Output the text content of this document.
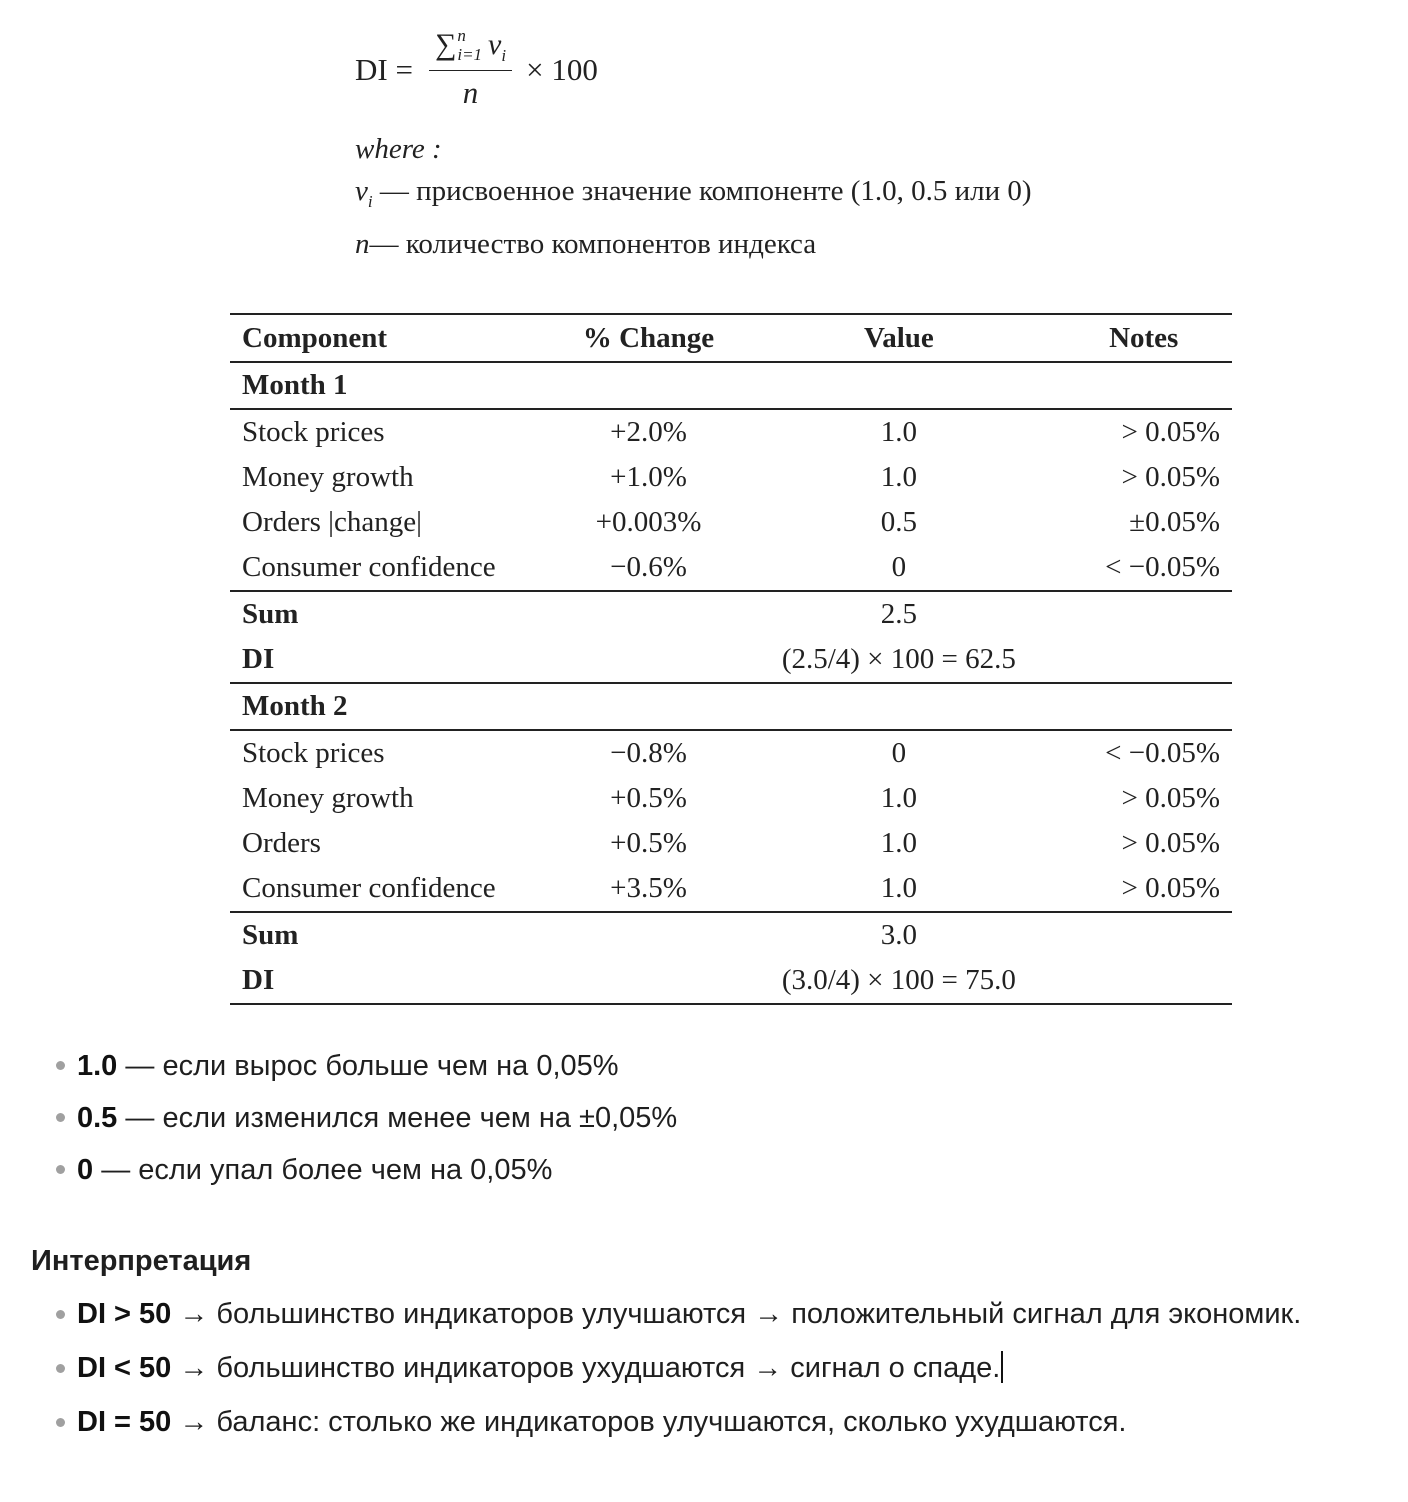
DI = ∑ n
i=1 $v_i$
n × 100
where :
$v_i$ — присвоенное значение компоненте (1.0, 0.5 или 0)
n— количество компонентов индекса
Component	% Change	Value	Notes
Month 1			
Stock prices	+2.0%	1.0	> 0.05%
Money growth	+1.0%	1.0	> 0.05%
Orders |change|	+0.003%	0.5	±0.05%
Consumer confidence	−0.6%	0	< −0.05%
Sum		2.5	
DI		(2.5/4) × 100 = 62.5	
Month 2			
Stock prices	−0.8%	0	< −0.05%
Money growth	+0.5%	1.0	> 0.05%
Orders	+0.5%	1.0	> 0.05%
Consumer confidence	+3.5%	1.0	> 0.05%
Sum		3.0	
DI		(3.0/4) × 100 = 75.0	
1.0 — если вырос больше чем на 0,05%
0.5 — если изменился менее чем на ±0,05%
0 — если упал более чем на 0,05%
Интерпретация
DI > 50 → большинство индикаторов улучшаются → положительный сигнал для экономик.
DI < 50 → большинство индикаторов ухудшаются → сигнал о спаде.
DI = 50 → баланс: столько же индикаторов улучшаются, сколько ухудшаются.
